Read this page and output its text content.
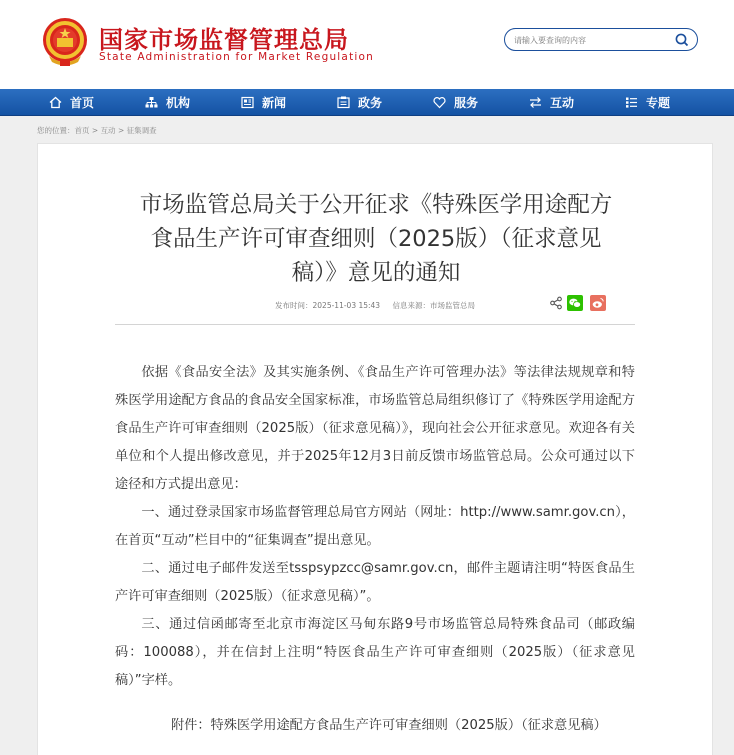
国家市场监督管理总局
State Administration for Market Regulation
请输入要查询的内容
首页	机构	新闻	政务	服务	互动	专题
您的位置：首页 > 互动 > 征集调查
市场监管总局关于公开征求《特殊医学用途配方食品生产许可审查细则（2025版）（征求意见稿）》意见的通知
发布时间：2025-11-03 15:43 信息来源：市场监管总局

依据《食品安全法》及其实施条例、《食品生产许可管理办法》等法律法规规章和特殊医学用途配方食品的食品安全国家标准，市场监管总局组织修订了《特殊医学用途配方食品生产许可审查细则（2025版）（征求意见稿）》，现向社会公开征求意见。欢迎各有关单位和个人提出修改意见，并于2025年12月3日前反馈市场监管总局。公众可通过以下途径和方式提出意见：

一、通过登录国家市场监督管理总局官方网站（网址：http://www.samr.gov.cn），在首页“互动”栏目中的“征集调查”提出意见。

二、通过电子邮件发送至tsspsypzcc@samr.gov.cn，邮件主题请注明“特医食品生产许可审查细则（2025版）（征求意见稿）”。

三、通过信函邮寄至北京市海淀区马甸东路9号市场监管总局特殊食品司（邮政编码：100088），并在信封上注明“特医食品生产许可审查细则（2025版）（征求意见稿）”字样。

附件：特殊医学用途配方食品生产许可审查细则（2025版）（征求意见稿）
